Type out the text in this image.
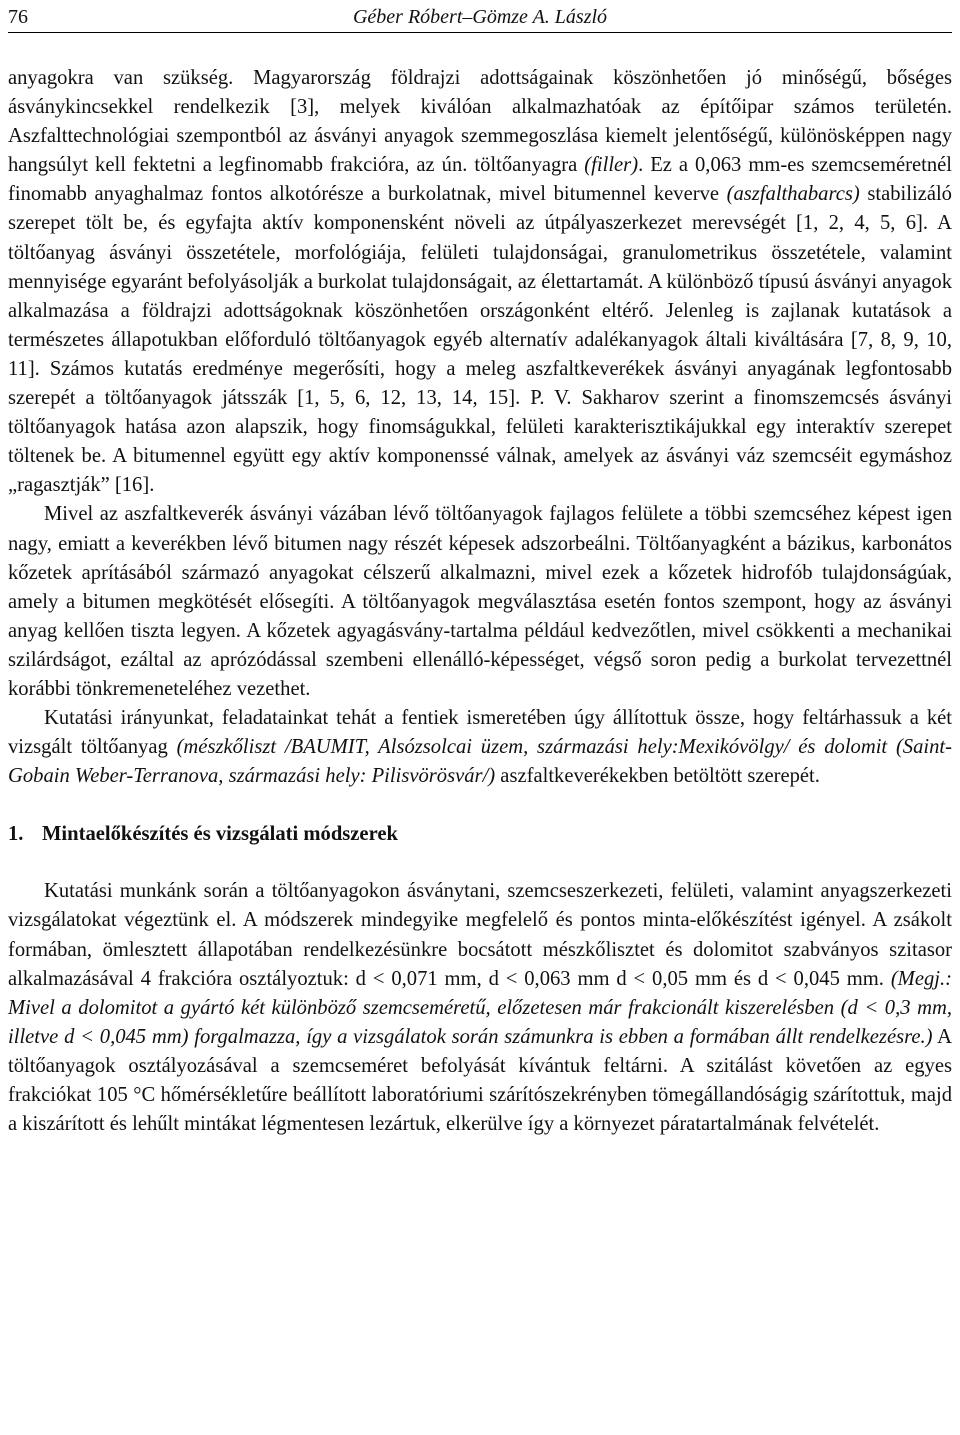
76	Géber Róbert–Gömze A. László

anyagokra van szükség. Magyarország földrajzi adottságainak köszönhetően jó minőségű, bőséges ásványkincsekkel rendelkezik [3], melyek kiválóan alkalmazhatóak az építőipar számos területén. Aszfalttechnológiai szempontból az ásványi anyagok szemmegoszlása kiemelt jelentőségű, különösképpen nagy hangsúlyt kell fektetni a legfinomabb frakcióra, az ún. töltőanyagra (filler). Ez a 0,063 mm-es szemcseméretnél finomabb anyaghalmaz fontos alkotórésze a burkolatnak, mivel bitumennel keverve (aszfalthabarcs) stabilizáló szerepet tölt be, és egyfajta aktív komponensként növeli az útpályaszerkezet merevségét [1, 2, 4, 5, 6]. A töltőanyag ásványi összetétele, morfológiája, felületi tulajdonságai, granulometrikus összetétele, valamint mennyisége egyaránt befolyásolják a burkolat tulajdonságait, az élettartamát. A különböző típusú ásványi anyagok alkalmazása a földrajzi adottságoknak köszönhetően országonként eltérő. Jelenleg is zajlanak kutatások a természetes állapotukban előforduló töltőanyagok egyéb alternatív adalékanyagok általi kiváltására [7, 8, 9, 10, 11]. Számos kutatás eredménye megerősíti, hogy a meleg aszfaltkeverékek ásványi anyagának legfontosabb szerepét a töltőanyagok játsszák [1, 5, 6, 12, 13, 14, 15]. P. V. Sakharov szerint a finomszemcsés ásványi töltőanyagok hatása azon alapszik, hogy finomságukkal, felületi karakterisztikájukkal egy interaktív szerepet töltenek be. A bitumennel együtt egy aktív komponenssé válnak, amelyek az ásványi váz szemcséit egymáshoz „ragasztják” [16].

Mivel az aszfaltkeverék ásványi vázában lévő töltőanyagok fajlagos felülete a többi szemcséhez képest igen nagy, emiatt a keverékben lévő bitumen nagy részét képesek adszorbeálni. Töltőanyagként a bázikus, karbonátos kőzetek aprításából származó anyagokat célszerű alkalmazni, mivel ezek a kőzetek hidrofób tulajdonságúak, amely a bitumen megkötését elősegíti. A töltőanyagok megválasztása esetén fontos szempont, hogy az ásványi anyag kellően tiszta legyen. A kőzetek agyagásvány-tartalma például kedvezőtlen, mivel csökkenti a mechanikai szilárdságot, ezáltal az aprózódással szembeni ellenálló-képességet, végső soron pedig a burkolat tervezettnél korábbi tönkremeneteléhez vezethet.

Kutatási irányunkat, feladatainkat tehát a fentiek ismeretében úgy állítottuk össze, hogy feltárhassuk a két vizsgált töltőanyag (mészkőliszt /BAUMIT, Alsózsolcai üzem, származási hely:Mexikóvölgy/ és dolomit (Saint-Gobain Weber-Terranova, származási hely: Pilisvörösvár/) aszfaltkeverékekben betöltött szerepét.

1. Mintaelőkészítés és vizsgálati módszerek

Kutatási munkánk során a töltőanyagokon ásványtani, szemcseszerkezeti, felületi, valamint anyagszerkezeti vizsgálatokat végeztünk el. A módszerek mindegyike megfelelő és pontos minta-előkészítést igényel. A zsákolt formában, ömlesztett állapotában rendelkezésünkre bocsátott mészkőlisztet és dolomitot szabványos szitasor alkalmazásával 4 frakcióra osztályoztuk: d < 0,071 mm, d < 0,063 mm d < 0,05 mm és d < 0,045 mm. (Megj.: Mivel a dolomitot a gyártó két különböző szemcseméretű, előzetesen már frakcionált kiszerelésben (d < 0,3 mm, illetve d < 0,045 mm) forgalmazza, így a vizsgálatok során számunkra is ebben a formában állt rendelkezésre.) A töltőanyagok osztályozásával a szemcseméret befolyását kívántuk feltárni. A szitálást követően az egyes frakciókat 105 °C hőmérsékletűre beállított laboratóriumi szárítószekrényben tömegállandóságig szárítottuk, majd a kiszárított és lehűlt mintákat légmentesen lezártuk, elkerülve így a környezet páratartalmának felvételét.
